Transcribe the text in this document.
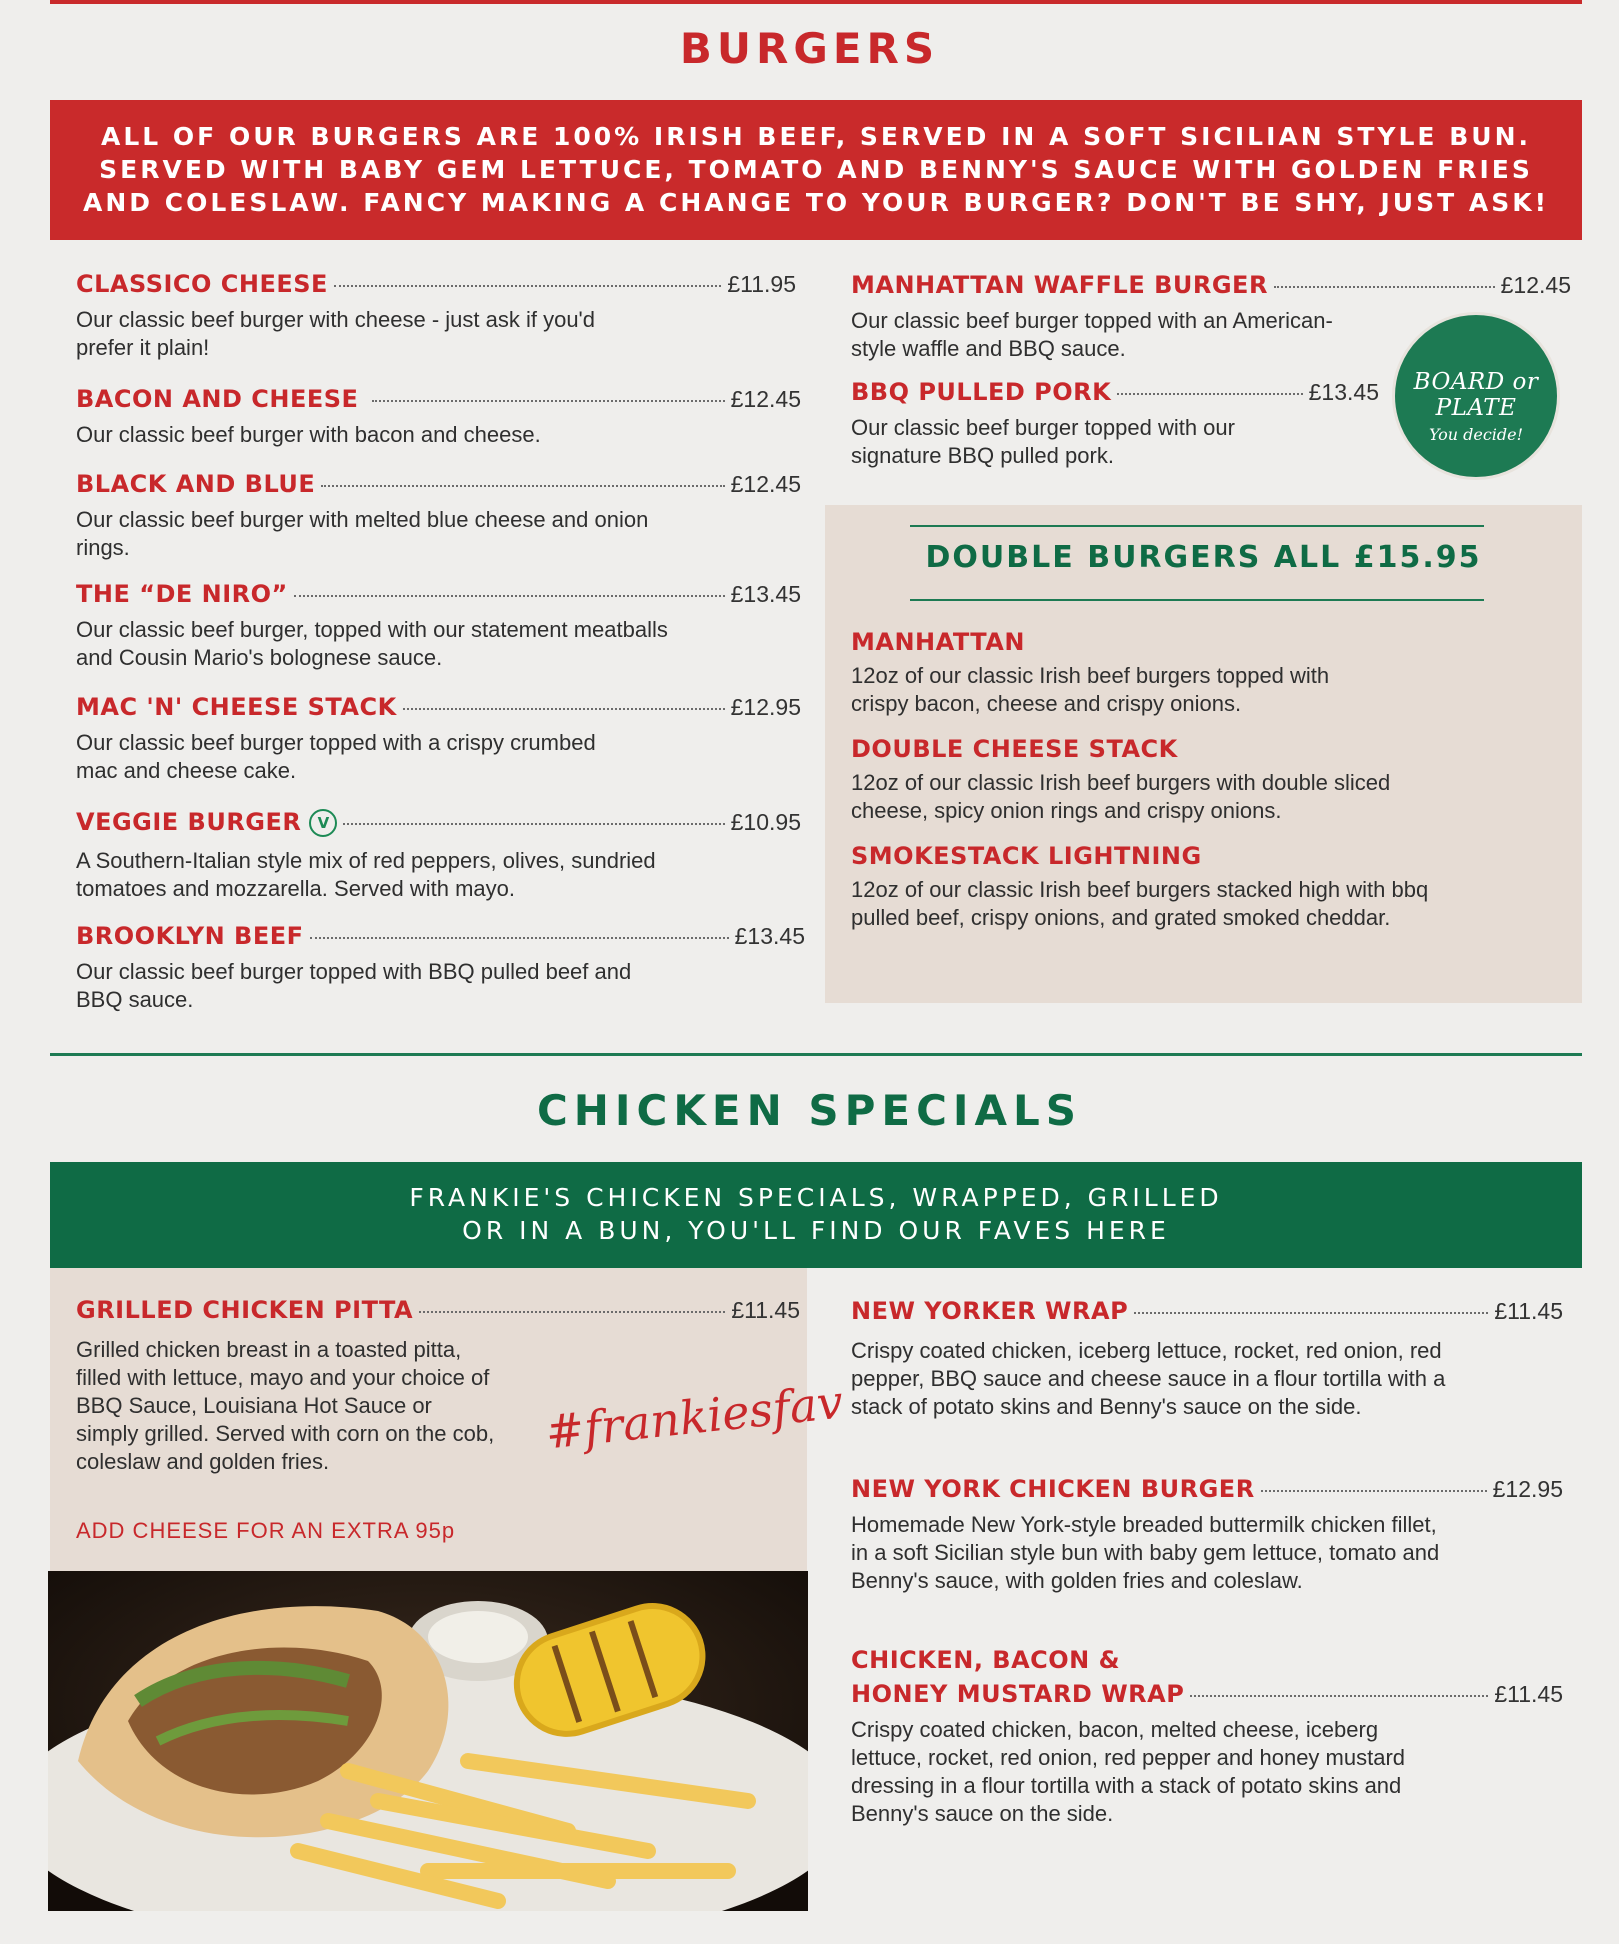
BURGERS

ALL OF OUR BURGERS ARE 100% IRISH BEEF, SERVED IN A SOFT SICILIAN STYLE BUN.

SERVED WITH BABY GEM LETTUCE, TOMATO AND BENNY'S SAUCE WITH GOLDEN FRIES

AND COLESLAW. FANCY MAKING A CHANGE TO YOUR BURGER? DON'T BE SHY, JUST ASK!

CLASSICO CHEESE	£11.95
Our classic beef burger with cheese - just ask if you'd prefer it plain!
BACON AND CHEESE	£12.45
Our classic beef burger with bacon and cheese.
BLACK AND BLUE	£12.45
Our classic beef burger with melted blue cheese and onion rings.
THE “DE NIRO”	£13.45
Our classic beef burger, topped with our statement meatballs and Cousin Mario's bolognese sauce.
MAC 'N' CHEESE STACK	£12.95
Our classic beef burger topped with a crispy crumbed mac and cheese cake.
VEGGIE BURGER	V	£10.95
A Southern-Italian style mix of red peppers, olives, sundried tomatoes and mozzarella. Served with mayo.
BROOKLYN BEEF	£13.45
Our classic beef burger topped with BBQ pulled beef and BBQ sauce.
MANHATTAN WAFFLE BURGER	£12.45
Our classic beef burger topped with an American-style waffle and BBQ sauce.
BBQ PULLED PORK	£13.45
Our classic beef burger topped with our signature BBQ pulled pork.
BOARD or PLATE
You decide!
DOUBLE BURGERS ALL £15.95
MANHATTAN
12oz of our classic Irish beef burgers topped with crispy bacon, cheese and crispy onions.
DOUBLE CHEESE STACK
12oz of our classic Irish beef burgers with double sliced cheese, spicy onion rings and crispy onions.
SMOKESTACK LIGHTNING
12oz of our classic Irish beef burgers stacked high with bbq pulled beef, crispy onions, and grated smoked cheddar.
CHICKEN SPECIALS

FRANKIE'S CHICKEN SPECIALS, WRAPPED, GRILLED

OR IN A BUN, YOU'LL FIND OUR FAVES HERE

GRILLED CHICKEN PITTA	£11.45
Grilled chicken breast in a toasted pitta, filled with lettuce, mayo and your choice of BBQ Sauce, Louisiana Hot Sauce or simply grilled. Served with corn on the cob, coleslaw and golden fries.
#frankiesfav
ADD CHEESE FOR AN EXTRA 95p
NEW YORKER WRAP	£11.45
Crispy coated chicken, iceberg lettuce, rocket, red onion, red pepper, BBQ sauce and cheese sauce in a flour tortilla with a stack of potato skins and Benny's sauce on the side.
NEW YORK CHICKEN BURGER	£12.95
Homemade New York-style breaded buttermilk chicken fillet, in a soft Sicilian style bun with baby gem lettuce, tomato and Benny's sauce, with golden fries and coleslaw.
CHICKEN, BACON &
HONEY MUSTARD WRAP	£11.45
Crispy coated chicken, bacon, melted cheese, iceberg lettuce, rocket, red onion, red pepper and honey mustard dressing in a flour tortilla with a stack of potato skins and Benny's sauce on the side.
